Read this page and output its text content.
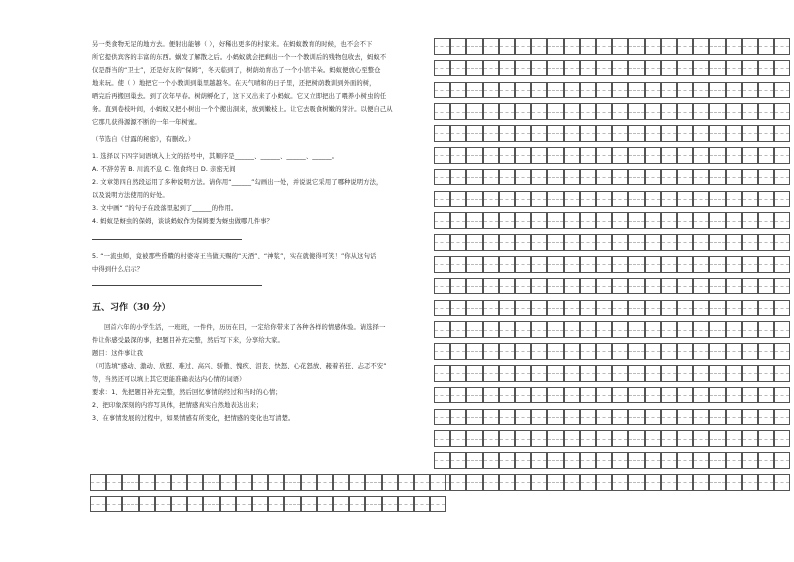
另一类食物无足的地方去。便射出能够（ ），好稀出更多的村家来。在蚂蚁教育的时候，也不会不下

所它提供宾客的丰富的东西。蜗发了解散之后。小蚂蚁就会把剩出一个一个教训后的残物包收去，蚂蚁不

仅是群当的“卫士”，还是好友的“保姆”，冬天临到了，树荫幼育出了一个小馆半朵。蚂蚁便放心至整仓

地来玩。使（ ）地把它一个小教训到巢里越越冬。在天气晴和的日子里，还把树荫教训到外面的树，

晒完后再搬回巢去。到了次年早春。树荫孵化了，这下又出来了小蚂蚁。它又立即把出了喂养小树虫的任

务。直到卷枝叶间，小蚂蚁又把小树出一个个搬出洞来，放到嫩枝上。让它去吸食树嫩的芽汁。以便自己从

它那几获得源源不断的一年一年树蜜。

（节选自《甘露的秘密》，有删改。）

1. 选择以下四字词语填入上文的括号中，其顺序是______、______、______、______。

A. 不辞劳苦 B. 川流不息 C. 饱食终日 D. 亲密无间

2. 文章第四自然段运用了多种说明方法。请你用“______”勾画出一处，并说说它采用了哪种说明方法，

以及说明方法使用的好处。

3. 文中画“ ”的句子在段落里起到了______的作用。

4. 蚂蚁是蚜虫的保姆，谈谈蚂蚁作为保姆要为蚜虫做哪几件事？

5. “一流虫师，竟被那些昏瞶的村婆寄王当做天赐的“天酒”、“神浆”，实在就傻得可笑！”你从这句话

中得到什么启示？

五、习作（30 分）

回首六年的小学生活，一班班，一件件，历历在目，一定给你带来了各种各样的情感体验。请选择一

件让你感受最深的事，把题目补充完整，然后写下来，分享给大家。

题目：这件事让我

（可选填“感动、激动、欣慰、难过、高兴、骄傲、愧疚、泪丧、快怒、心花怒放、赧着若狂、忐忑不安”

等，当然还可以填上其它更能准确表达内心情的词语）

要求：1、先把题目补充完整，然后回忆事情的经过和当时的心情；

2、把印象深刻的内容写具体，把情感真实自然地表达出来；

3、在事情发展的过程中，如果情感有所变化，把情感的变化也写清楚。
